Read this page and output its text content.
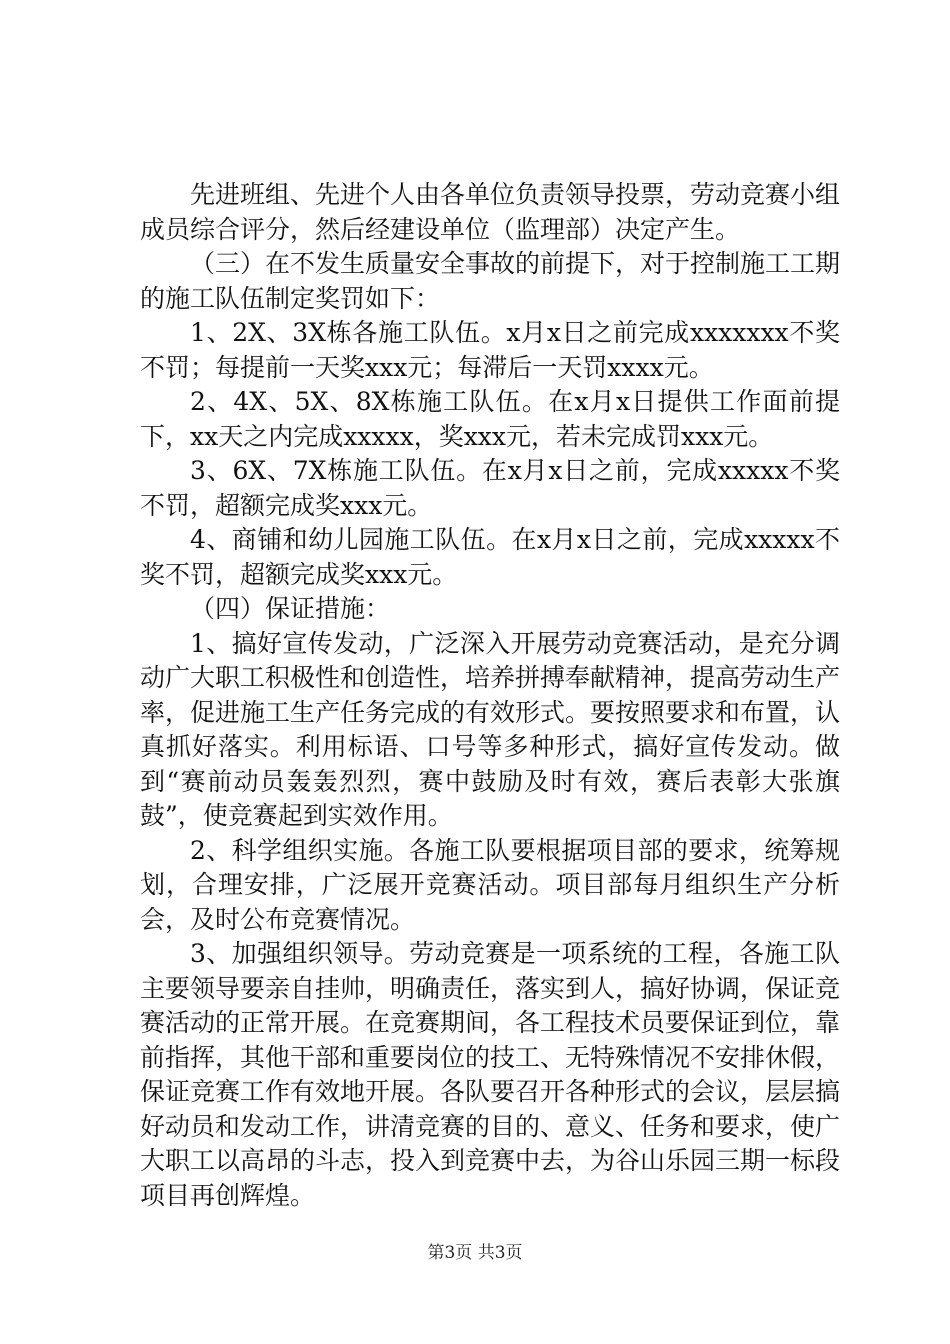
先进班组、先进个人由各单位负责领导投票，劳动竞赛小组成员综合评分，然后经建设单位（监理部）决定产生。

（三）在不发生质量安全事故的前提下，对于控制施工工期的施工队伍制定奖罚如下：

1、2X、3X栋各施工队伍。x月x日之前完成xxxxxxx不奖不罚；每提前一天奖xxx元；每滞后一天罚xxxx元。

2、4X、5X、8X栋施工队伍。在x月x日提供工作面前提下，xx天之内完成xxxxx，奖xxx元，若未完成罚xxx元。

3、6X、7X栋施工队伍。在x月x日之前，完成xxxxx不奖不罚，超额完成奖xxx元。

4、商铺和幼儿园施工队伍。在x月x日之前，完成xxxxx不奖不罚，超额完成奖xxx元。

（四）保证措施：

1、搞好宣传发动，广泛深入开展劳动竞赛活动，是充分调动广大职工积极性和创造性，培养拼搏奉献精神，提高劳动生产率，促进施工生产任务完成的有效形式。要按照要求和布置，认真抓好落实。利用标语、口号等多种形式，搞好宣传发动。做到“赛前动员轰轰烈烈，赛中鼓励及时有效，赛后表彰大张旗鼓”，使竞赛起到实效作用。

2、科学组织实施。各施工队要根据项目部的要求，统筹规划，合理安排，广泛展开竞赛活动。项目部每月组织生产分析会，及时公布竞赛情况。

3、加强组织领导。劳动竞赛是一项系统的工程，各施工队主要领导要亲自挂帅，明确责任，落实到人，搞好协调，保证竞赛活动的正常开展。在竞赛期间，各工程技术员要保证到位，靠前指挥，其他干部和重要岗位的技工、无特殊情况不安排休假，保证竞赛工作有效地开展。各队要召开各种形式的会议，层层搞好动员和发动工作，讲清竞赛的目的、意义、任务和要求，使广大职工以高昂的斗志，投入到竞赛中去，为谷山乐园三期一标段项目再创辉煌。

第3页 共3页
